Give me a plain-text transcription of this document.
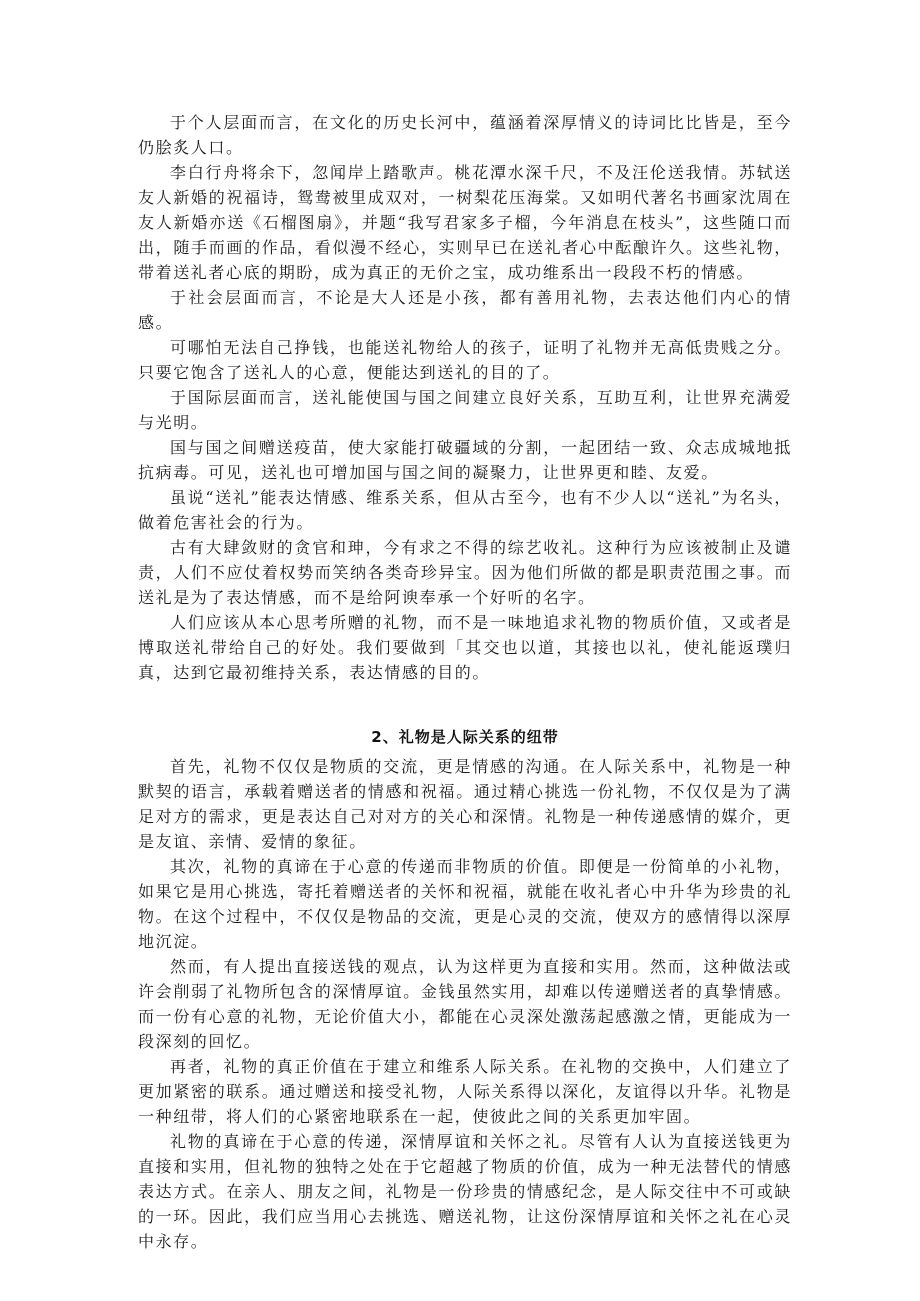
于个人层面而言，在文化的历史长河中，蕴涵着深厚情义的诗词比比皆是，至今仍脍炙人口。

李白行舟将余下，忽闻岸上踏歌声。桃花潭水深千尺，不及汪伦送我情。苏轼送友人新婚的祝福诗，鸳鸯被里成双对，一树梨花压海棠。又如明代著名书画家沈周在友人新婚亦送《石榴图扇》，并题“我写君家多子榴，今年消息在枝头”，这些随口而出，随手而画的作品，看似漫不经心，实则早已在送礼者心中酝酿许久。这些礼物，带着送礼者心底的期盼，成为真正的无价之宝，成功维系出一段段不朽的情感。

于社会层面而言，不论是大人还是小孩，都有善用礼物，去表达他们内心的情感。

可哪怕无法自己挣钱，也能送礼物给人的孩子，证明了礼物并无高低贵贱之分。只要它饱含了送礼人的心意，便能达到送礼的目的了。

于国际层面而言，送礼能使国与国之间建立良好关系，互助互利，让世界充满爱与光明。

国与国之间赠送疫苗，使大家能打破疆域的分割，一起团结一致、众志成城地抵抗病毒。可见，送礼也可增加国与国之间的凝聚力，让世界更和睦、友爱。

虽说“送礼”能表达情感、维系关系，但从古至今，也有不少人以“送礼”为名头，做着危害社会的行为。

古有大肆敛财的贪官和珅，今有求之不得的综艺收礼。这种行为应该被制止及谴责，人们不应仗着权势而笑纳各类奇珍异宝。因为他们所做的都是职责范围之事。而送礼是为了表达情感，而不是给阿谀奉承一个好听的名字。

人们应该从本心思考所赠的礼物，而不是一味地追求礼物的物质价值，又或者是博取送礼带给自己的好处。我们要做到「其交也以道，其接也以礼，使礼能返璞归真，达到它最初维持关系，表达情感的目的。

2、礼物是人际关系的纽带

首先，礼物不仅仅是物质的交流，更是情感的沟通。在人际关系中，礼物是一种默契的语言，承载着赠送者的情感和祝福。通过精心挑选一份礼物，不仅仅是为了满足对方的需求，更是表达自己对对方的关心和深情。礼物是一种传递感情的媒介，更是友谊、亲情、爱情的象征。

其次，礼物的真谛在于心意的传递而非物质的价值。即便是一份简单的小礼物，如果它是用心挑选，寄托着赠送者的关怀和祝福，就能在收礼者心中升华为珍贵的礼物。在这个过程中，不仅仅是物品的交流，更是心灵的交流，使双方的感情得以深厚地沉淀。

然而，有人提出直接送钱的观点，认为这样更为直接和实用。然而，这种做法或许会削弱了礼物所包含的深情厚谊。金钱虽然实用，却难以传递赠送者的真挚情感。而一份有心意的礼物，无论价值大小，都能在心灵深处激荡起感激之情，更能成为一段深刻的回忆。

再者，礼物的真正价值在于建立和维系人际关系。在礼物的交换中，人们建立了更加紧密的联系。通过赠送和接受礼物，人际关系得以深化，友谊得以升华。礼物是一种纽带，将人们的心紧密地联系在一起，使彼此之间的关系更加牢固。

礼物的真谛在于心意的传递，深情厚谊和关怀之礼。尽管有人认为直接送钱更为直接和实用，但礼物的独特之处在于它超越了物质的价值，成为一种无法替代的情感表达方式。在亲人、朋友之间，礼物是一份珍贵的情感纪念，是人际交往中不可或缺的一环。因此，我们应当用心去挑选、赠送礼物，让这份深情厚谊和关怀之礼在心灵中永存。
